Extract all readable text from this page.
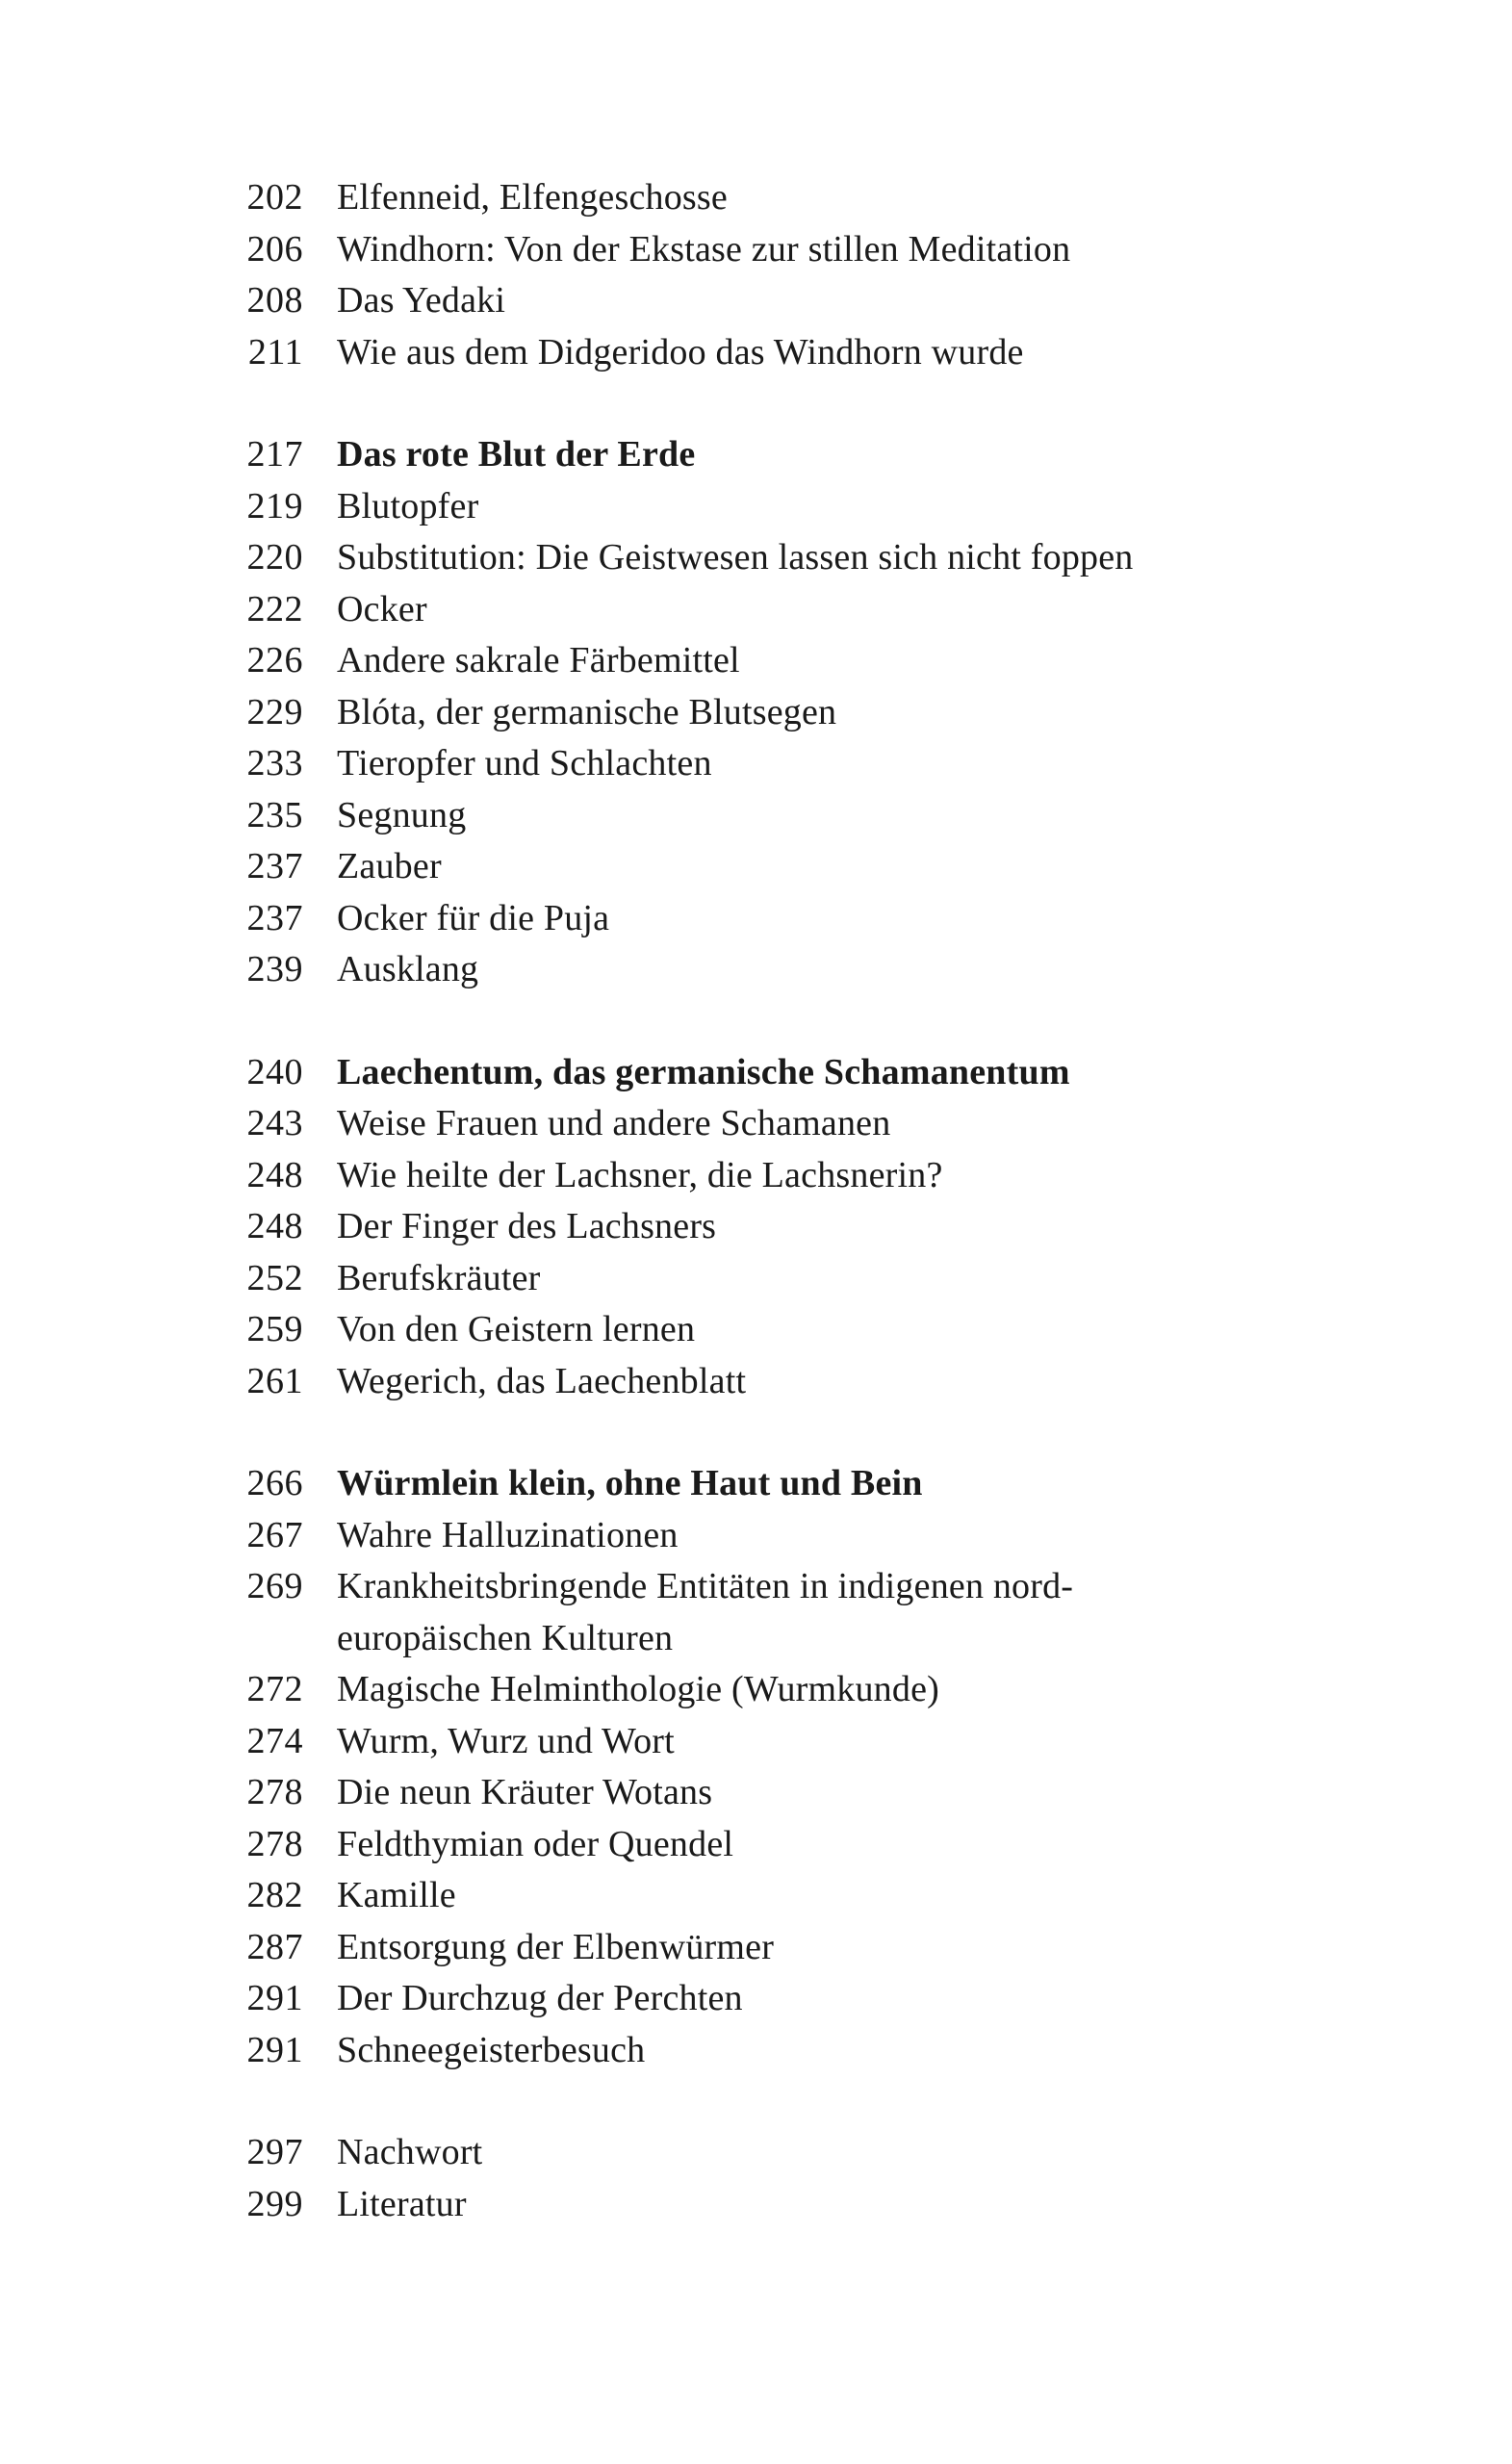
202 Elfenneid, Elfengeschosse
206 Windhorn: Von der Ekstase zur stillen Meditation
208 Das Yedaki
211 Wie aus dem Didgeridoo das Windhorn wurde
217 Das rote Blut der Erde
219 Blutopfer
220 Substitution: Die Geistwesen lassen sich nicht foppen
222 Ocker
226 Andere sakrale Färbemittel
229 Blóta, der germanische Blutsegen
233 Tieropfer und Schlachten
235 Segnung
237 Zauber
237 Ocker für die Puja
239 Ausklang
240 Laechentum, das germanische Schamanentum
243 Weise Frauen und andere Schamanen
248 Wie heilte der Lachsner, die Lachsnerin?
248 Der Finger des Lachsners
252 Berufskräuter
259 Von den Geistern lernen
261 Wegerich, das Laechenblatt
266 Würmlein klein, ohne Haut und Bein
267 Wahre Halluzinationen
269 Krankheitsbringende Entitäten in indigenen nord-
europäischen Kulturen
272 Magische Helminthologie (Wurmkunde)
274 Wurm, Wurz und Wort
278 Die neun Kräuter Wotans
278 Feldthymian oder Quendel
282 Kamille
287 Entsorgung der Elbenwürmer
291 Der Durchzug der Perchten
291 Schneegeisterbesuch
297 Nachwort
299 Literatur
